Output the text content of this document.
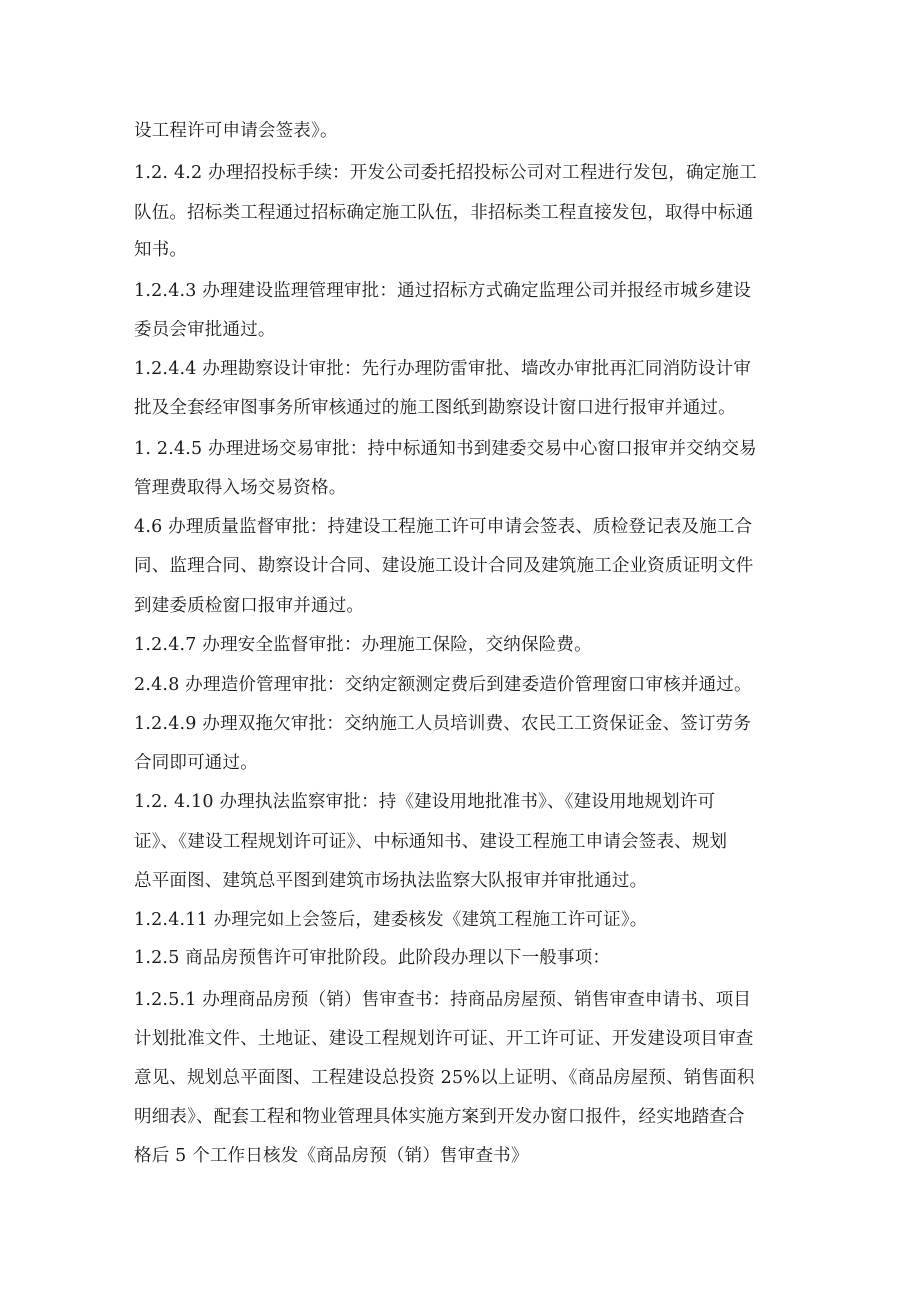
设工程许可申请会签表》。
1.2. 4.2 办理招投标手续：开发公司委托招投标公司对工程进行发包，确定施工
队伍。招标类工程通过招标确定施工队伍，非招标类工程直接发包，取得中标通
知书。
1.2.4.3 办理建设监理管理审批：通过招标方式确定监理公司并报经市城乡建设
委员会审批通过。
1.2.4.4 办理勘察设计审批：先行办理防雷审批、墙改办审批再汇同消防设计审
批及全套经审图事务所审核通过的施工图纸到勘察设计窗口进行报审并通过。
1. 2.4.5 办理进场交易审批：持中标通知书到建委交易中心窗口报审并交纳交易
管理费取得入场交易资格。
4.6 办理质量监督审批：持建设工程施工许可申请会签表、质检登记表及施工合
同、监理合同、勘察设计合同、建设施工设计合同及建筑施工企业资质证明文件
到建委质检窗口报审并通过。
1.2.4.7 办理安全监督审批：办理施工保险，交纳保险费。
2.4.8 办理造价管理审批：交纳定额测定费后到建委造价管理窗口审核并通过。
1.2.4.9 办理双拖欠审批：交纳施工人员培训费、农民工工资保证金、签订劳务
合同即可通过。
1.2. 4.10 办理执法监察审批：持《建设用地批准书》、《建设用地规划许可
证》、《建设工程规划许可证》、中标通知书、建设工程施工申请会签表、规划
总平面图、建筑总平图到建筑市场执法监察大队报审并审批通过。
1.2.4.11 办理完如上会签后，建委核发《建筑工程施工许可证》。
1.2.5 商品房预售许可审批阶段。此阶段办理以下一般事项：
1.2.5.1 办理商品房预（销）售审查书：持商品房屋预、销售审查申请书、项目
计划批准文件、土地证、建设工程规划许可证、开工许可证、开发建设项目审查
意见、规划总平面图、工程建设总投资 25%以上证明、《商品房屋预、销售面积
明细表》、配套工程和物业管理具体实施方案到开发办窗口报件，经实地踏查合
格后 5 个工作日核发《商品房预（销）售审查书》
